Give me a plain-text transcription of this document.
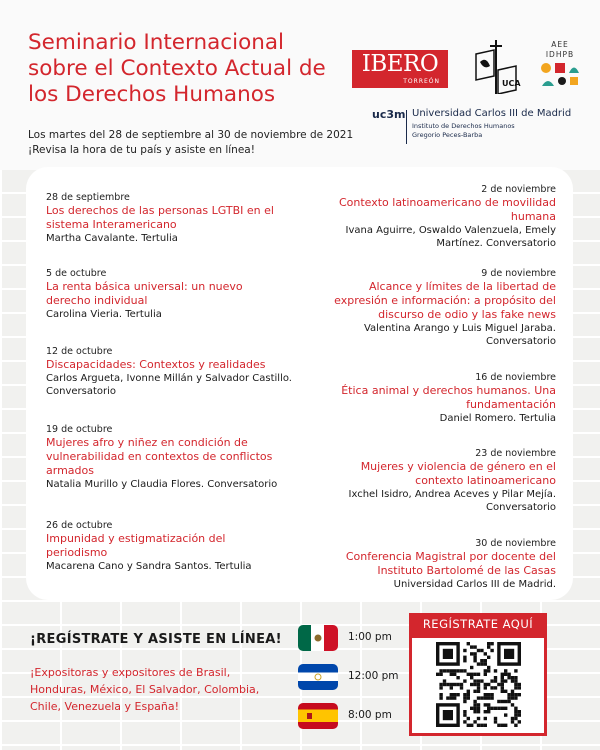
Seminario Internacional sobre el Contexto Actual de los Derechos Humanos
Los martes del 28 de septiembre al 30 de noviembre de 2021
¡Revisa la hora de tu país y asiste en línea!
IBERO
TORREÓN	UCA
AEE
IDHPB
uc3m Universidad Carlos III de Madrid
Instituto de Derechos Humanos
Gregorio Peces-Barba
28 de septiembre
Los derechos de las personas LGTBI en el sistema Interamericano
Martha Cavalante. Tertulia
5 de octubre
La renta básica universal: un nuevo derecho individual
Carolina Vieria. Tertulia
12 de octubre
Discapacidades: Contextos y realidades
Carlos Argueta, Ivonne Millán y Salvador Castillo. Conversatorio
19 de octubre
Mujeres afro y niñez en condición de vulnerabilidad en contextos de conflictos armados
Natalia Murillo y Claudia Flores. Conversatorio
26 de octubre
Impunidad y estigmatización del periodismo
Macarena Cano y Sandra Santos. Tertulia
2 de noviembre
Contexto latinoamericano de movilidad humana
Ivana Aguirre, Oswaldo Valenzuela, Emely Martínez. Conversatorio
9 de noviembre
Alcance y límites de la libertad de expresión e información: a propósito del discurso de odio y las fake news
Valentina Arango y Luis Miguel Jaraba. Conversatorio
16 de noviembre
Ética animal y derechos humanos. Una fundamentación
Daniel Romero. Tertulia
23 de noviembre
Mujeres y violencia de género en el contexto latinoamericano
Ixchel Isidro, Andrea Aceves y Pilar Mejía. Conversatorio
30 de noviembre
Conferencia Magistral por docente del Instituto Bartolomé de las Casas
Universidad Carlos III de Madrid.
¡REGÍSTRATE Y ASISTE EN LÍNEA!
¡Expositoras y expositores de Brasil, Honduras, México, El Salvador, Colombia, Chile, Venezuela y España!
1:00 pm
12:00 pm
8:00 pm
REGÍSTRATE AQUÍ
